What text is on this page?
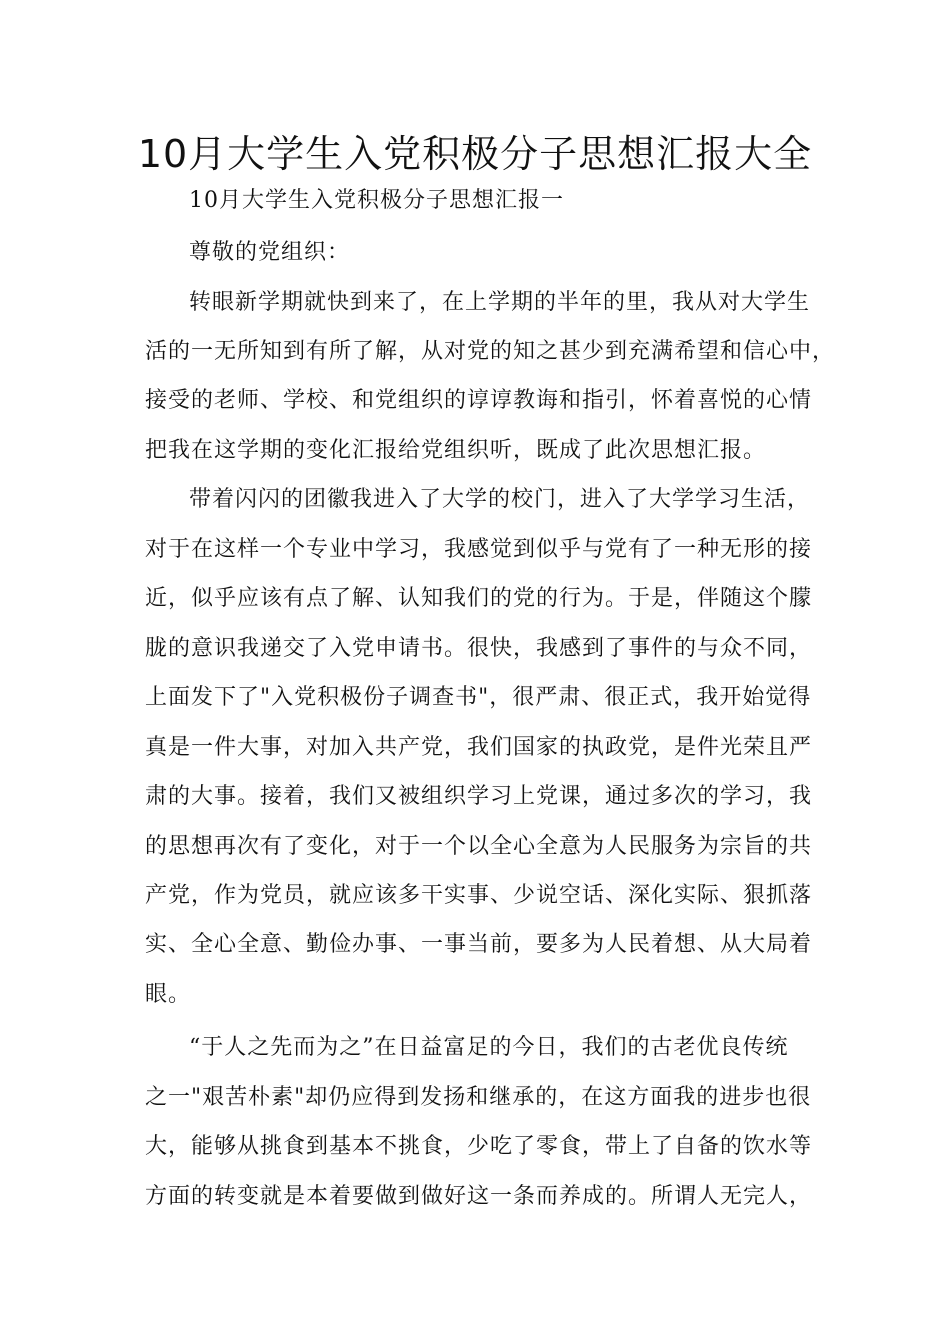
10月大学生入党积极分子思想汇报大全
10月大学生入党积极分子思想汇报一
尊敬的党组织：
转眼新学期就快到来了，在上学期的半年的里，我从对大学生
活的一无所知到有所了解，从对党的知之甚少到充满希望和信心中，
接受的老师、学校、和党组织的谆谆教诲和指引，怀着喜悦的心情
把我在这学期的变化汇报给党组织听，既成了此次思想汇报。
带着闪闪的团徽我进入了大学的校门，进入了大学学习生活，
对于在这样一个专业中学习，我感觉到似乎与党有了一种无形的接
近，似乎应该有点了解、认知我们的党的行为。于是，伴随这个朦
胧的意识我递交了入党申请书。很快，我感到了事件的与众不同，
上面发下了"入党积极份子调查书"，很严肃、很正式，我开始觉得
真是一件大事，对加入共产党，我们国家的执政党，是件光荣且严
肃的大事。接着，我们又被组织学习上党课，通过多次的学习，我
的思想再次有了变化，对于一个以全心全意为人民服务为宗旨的共
产党，作为党员，就应该多干实事、少说空话、深化实际、狠抓落
实、全心全意、勤俭办事、一事当前，要多为人民着想、从大局着
眼。
“于人之先而为之”在日益富足的今日，我们的古老优良传统
之一"艰苦朴素"却仍应得到发扬和继承的，在这方面我的进步也很
大，能够从挑食到基本不挑食，少吃了零食，带上了自备的饮水等
方面的转变就是本着要做到做好这一条而养成的。所谓人无完人，
